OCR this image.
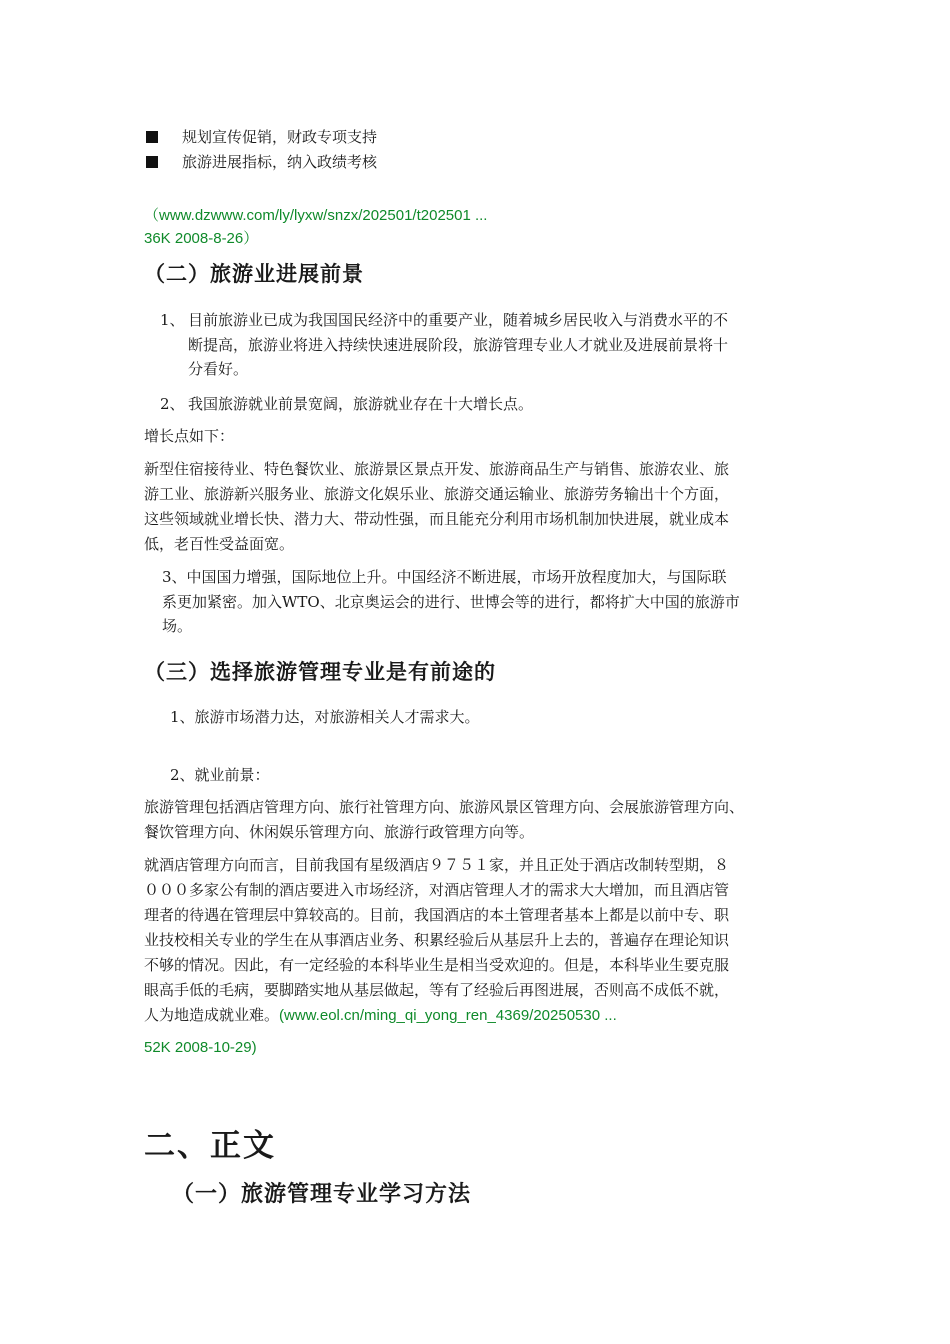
规划宣传促销，财政专项支持
旅游进展指标，纳入政绩考核
（www.dzwww.com/ly/lyxw/snzx/202501/t202501 ...
36K 2008-8-26）
（二）旅游业进展前景
1、 目前旅游业已成为我国国民经济中的重要产业，随着城乡居民收入与消费水平的不
断提高，旅游业将进入持续快速进展阶段，旅游管理专业人才就业及进展前景将十
分看好。
2、 我国旅游就业前景宽阔，旅游就业存在十大增长点。
增长点如下：
新型住宿接待业、特色餐饮业、旅游景区景点开发、旅游商品生产与销售、旅游农业、旅
游工业、旅游新兴服务业、旅游文化娱乐业、旅游交通运输业、旅游劳务输出十个方面，
这些领域就业增长快、潜力大、带动性强，而且能充分利用市场机制加快进展，就业成本
低，老百性受益面宽。
3、中国国力增强，国际地位上升。中国经济不断进展，市场开放程度加大，与国际联
系更加紧密。加入WTO、北京奥运会的进行、世博会等的进行，都将扩大中国的旅游市
场。
（三）选择旅游管理专业是有前途的
1、旅游市场潜力达，对旅游相关人才需求大。
2、就业前景：
旅游管理包括酒店管理方向、旅行社管理方向、旅游风景区管理方向、会展旅游管理方向、
餐饮管理方向、休闲娱乐管理方向、旅游行政管理方向等。
就酒店管理方向而言，目前我国有星级酒店９７５１家，并且正处于酒店改制转型期，８
０００多家公有制的酒店要进入市场经济，对酒店管理人才的需求大大增加，而且酒店管
理者的待遇在管理层中算较高的。目前，我国酒店的本土管理者基本上都是以前中专、职
业技校相关专业的学生在从事酒店业务、积累经验后从基层升上去的，普遍存在理论知识
不够的情况。因此，有一定经验的本科毕业生是相当受欢迎的。但是，本科毕业生要克服
眼高手低的毛病，要脚踏实地从基层做起，等有了经验后再图进展，否则高不成低不就，
人为地造成就业难。(www.eol.cn/ming_qi_yong_ren_4369/20250530 ...
52K 2008-10-29)
二、正文
（一）旅游管理专业学习方法
